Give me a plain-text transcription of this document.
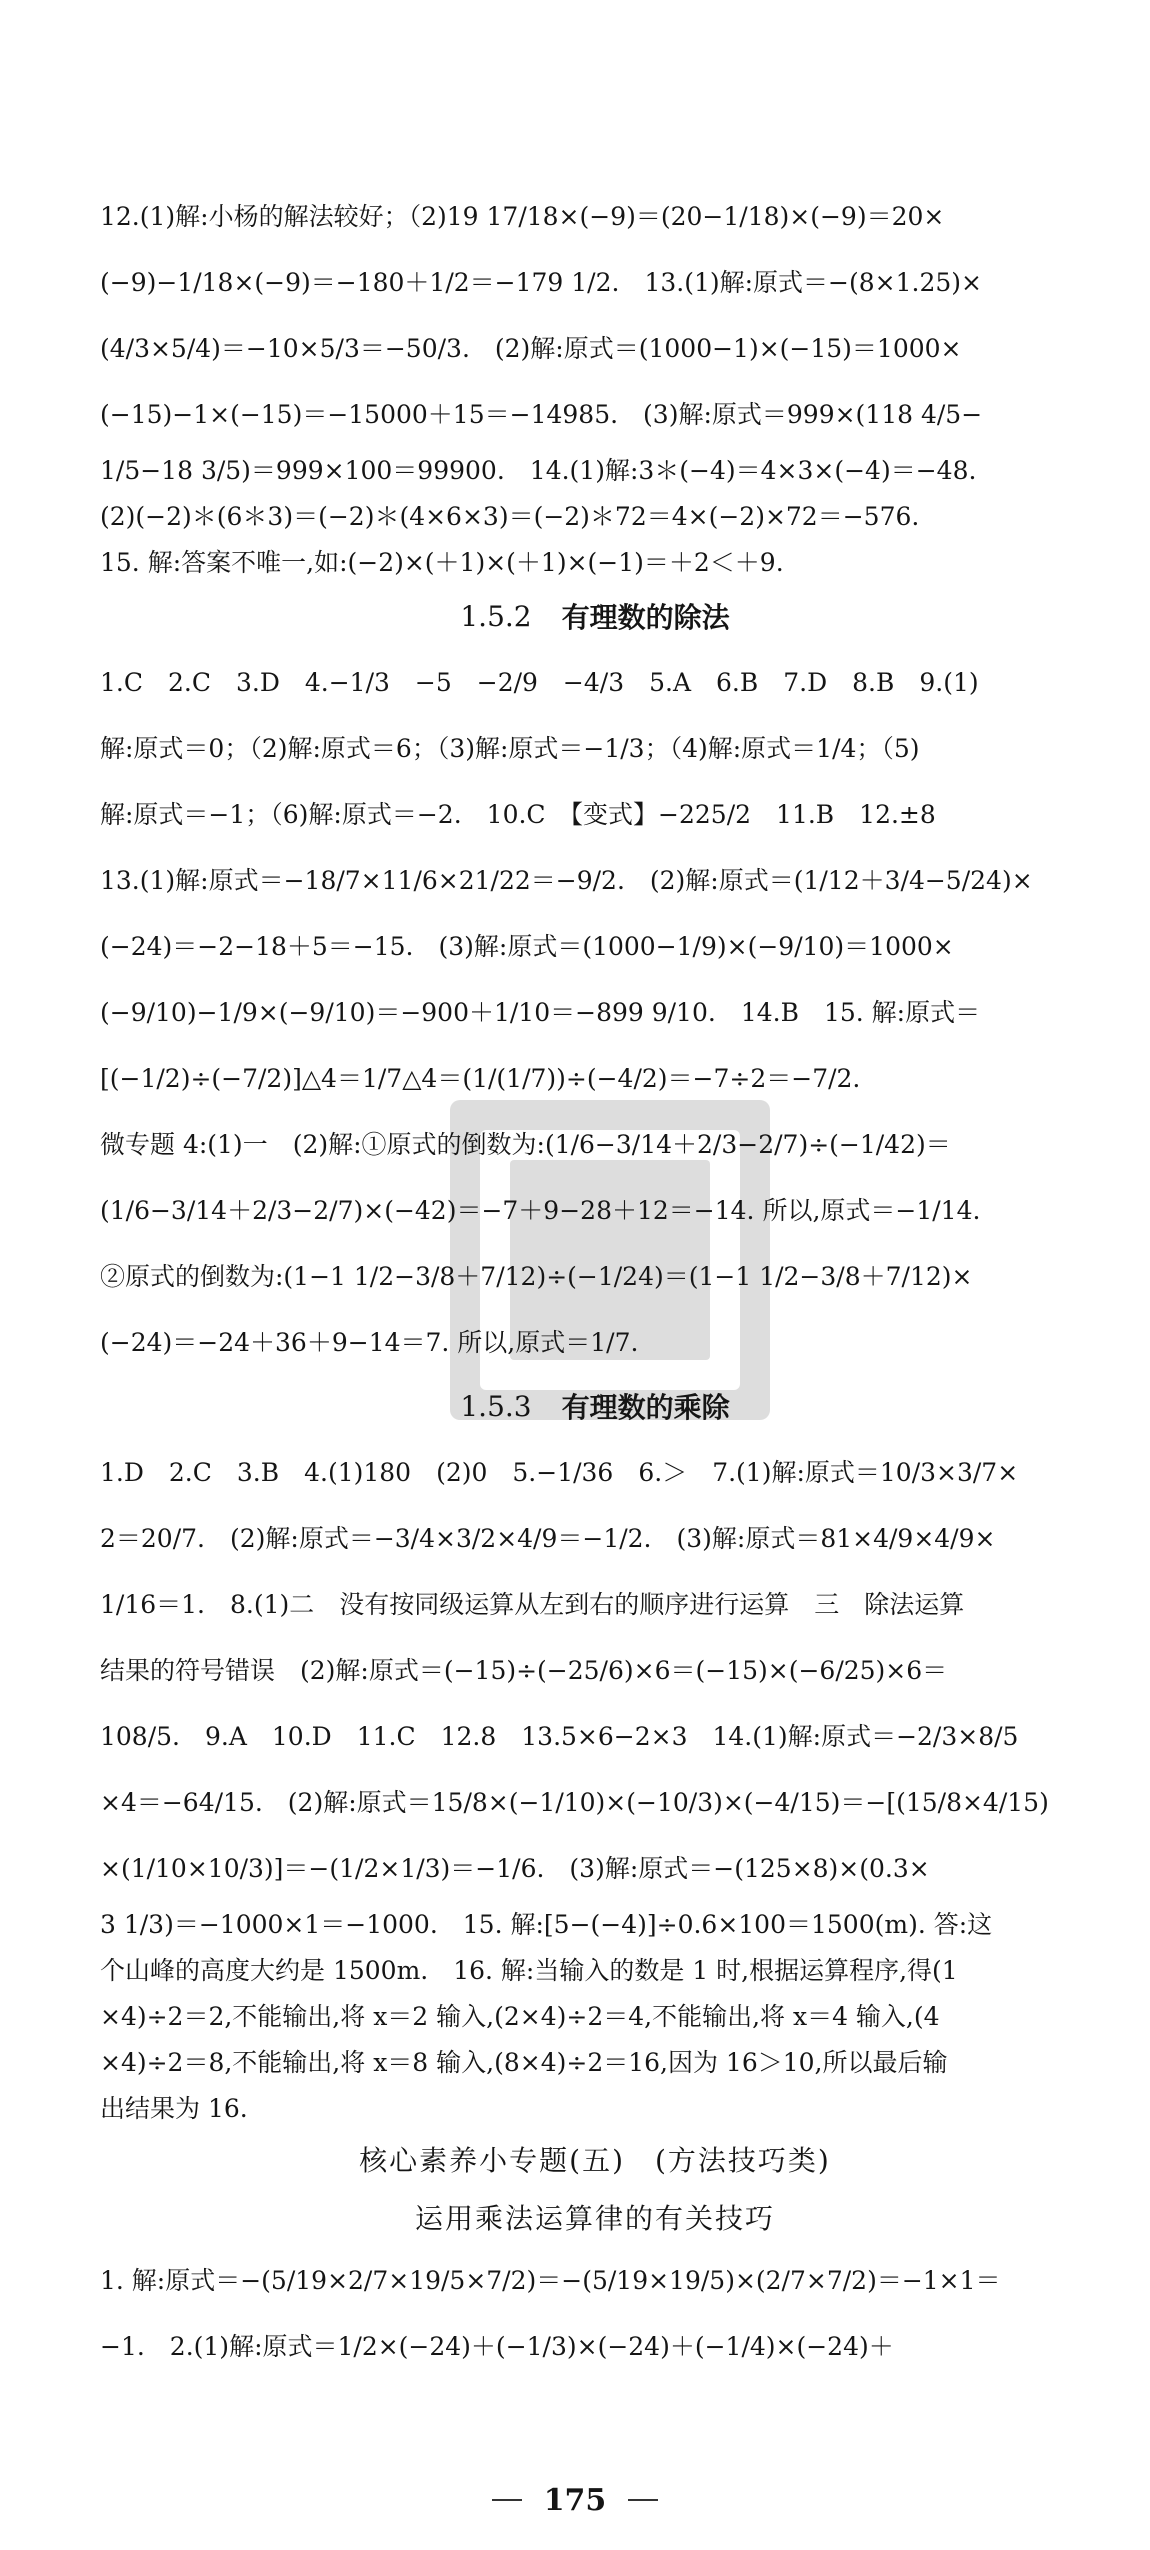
12.(1)解:小杨的解法较好；（2)19 17/18×(−9)＝(20−1/18)×(−9)＝20×
(−9)−1/18×(−9)＝−180＋1/2＝−179 1/2.　13.(1)解:原式＝−(8×1.25)×
(4/3×5/4)＝−10×5/3＝−50/3.　(2)解:原式＝(1000−1)×(−15)＝1000×
(−15)−1×(−15)＝−15000＋15＝−14985.　(3)解:原式＝999×(118 4/5−
1/5−18 3/5)＝999×100＝99900.　14.(1)解:3＊(−4)＝4×3×(−4)＝−48.
(2)(−2)＊(6＊3)＝(−2)＊(4×6×3)＝(−2)＊72＝4×(−2)×72＝−576.
15. 解:答案不唯一,如:(−2)×(＋1)×(＋1)×(−1)＝＋2＜＋9.
1.5.2 有理数的除法
1.C　2.C　3.D　4.−1/3　−5　−2/9　−4/3　5.A　6.B　7.D　8.B　9.(1)
解:原式＝0；（2)解:原式＝6；（3)解:原式＝−1/3；（4)解:原式＝1/4；（5)
解:原式＝−1；（6)解:原式＝−2.　10.C　【变式】−225/2　11.B　12.±8
13.(1)解:原式＝−18/7×11/6×21/22＝−9/2.　(2)解:原式＝(1/12＋3/4−5/24)×
(−24)＝−2−18＋5＝−15.　(3)解:原式＝(1000−1/9)×(−9/10)＝1000×
(−9/10)−1/9×(−9/10)＝−900＋1/10＝−899 9/10.　14.B　15. 解:原式＝
[(−1/2)÷(−7/2)]△4＝1/7△4＝(1/(1/7))÷(−4/2)＝−7÷2＝−7/2.
微专题 4:(1)一　(2)解:①原式的倒数为:(1/6−3/14＋2/3−2/7)÷(−1/42)＝
(1/6−3/14＋2/3−2/7)×(−42)＝−7＋9−28＋12＝−14. 所以,原式＝−1/14.
②原式的倒数为:(1−1 1/2−3/8＋7/12)÷(−1/24)＝(1−1 1/2−3/8＋7/12)×
(−24)＝−24＋36＋9−14＝7. 所以,原式＝1/7.
1.5.3 有理数的乘除
1.D　2.C　3.B　4.(1)180　(2)0　5.−1/36　6.＞　7.(1)解:原式＝10/3×3/7×
2＝20/7.　(2)解:原式＝−3/4×3/2×4/9＝−1/2.　(3)解:原式＝81×4/9×4/9×
1/16＝1.　8.(1)二　没有按同级运算从左到右的顺序进行运算　三　除法运算
结果的符号错误　(2)解:原式＝(−15)÷(−25/6)×6＝(−15)×(−6/25)×6＝
108/5.　9.A　10.D　11.C　12.8　13.5×6−2×3　14.(1)解:原式＝−2/3×8/5
×4＝−64/15.　(2)解:原式＝15/8×(−1/10)×(−10/3)×(−4/15)＝−[(15/8×4/15)
×(1/10×10/3)]＝−(1/2×1/3)＝−1/6.　(3)解:原式＝−(125×8)×(0.3×
3 1/3)＝−1000×1＝−1000.　15. 解:[5−(−4)]÷0.6×100＝1500(m). 答:这
个山峰的高度大约是 1500m.　16. 解:当输入的数是 1 时,根据运算程序,得(1
×4)÷2＝2,不能输出,将 x＝2 输入,(2×4)÷2＝4,不能输出,将 x＝4 输入,(4
×4)÷2＝8,不能输出,将 x＝8 输入,(8×4)÷2＝16,因为 16＞10,所以最后输
出结果为 16.
核心素养小专题(五)　(方法技巧类)
运用乘法运算律的有关技巧
1. 解:原式＝−(5/19×2/7×19/5×7/2)＝−(5/19×19/5)×(2/7×7/2)＝−1×1＝
−1.　2.(1)解:原式＝1/2×(−24)＋(−1/3)×(−24)＋(−1/4)×(−24)＋
175
